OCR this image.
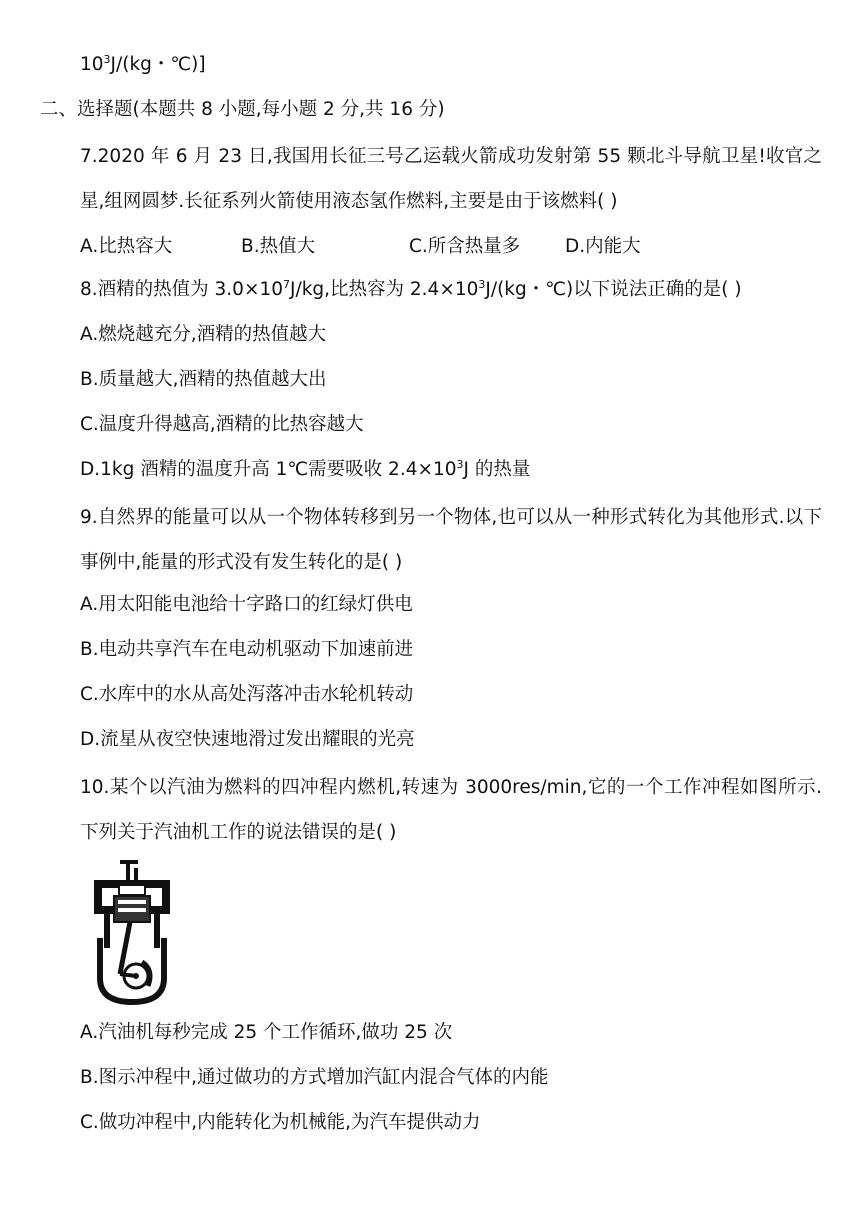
$10^3J/(kg$・℃)]
二、选择题(本题共 8 小题,每小题 2 分,共 16 分)
7.2020 年 6 月 23 日,我国用长征三号乙运载火箭成功发射第 55 颗北斗导航卫星!收官之星,组网圆梦.长征系列火箭使用液态氢作燃料,主要是由于该燃料( )
A.比热容大	B.热值大	C.所含热量多 D.内能大
8.酒精的热值为 $3.0\times 10^7J/kg$,比热容为 $2.4\times 10^3J/(kg$・℃)以下说法正确的是( )
A.燃烧越充分,酒精的热值越大
B.质量越大,酒精的热值越大出
C.温度升得越高,酒精的比热容越大
D.1kg 酒精的温度升高 1℃需要吸收 $2.4\times 10^3J$ 的热量
9.自然界的能量可以从一个物体转移到另一个物体,也可以从一种形式转化为其他形式.以下事例中,能量的形式没有发生转化的是( )
A.用太阳能电池给十字路口的红绿灯供电
B.电动共享汽车在电动机驱动下加速前进
C.水库中的水从高处泻落冲击水轮机转动
D.流星从夜空快速地滑过发出耀眼的光亮
10.某个以汽油为燃料的四冲程内燃机,转速为 3000res/min,它的一个工作冲程如图所示.下列关于汽油机工作的说法错误的是( )
A.汽油机每秒完成 25 个工作循环,做功 25 次
B.图示冲程中,通过做功的方式增加汽缸内混合气体的内能
C.做功冲程中,内能转化为机械能,为汽车提供动力
